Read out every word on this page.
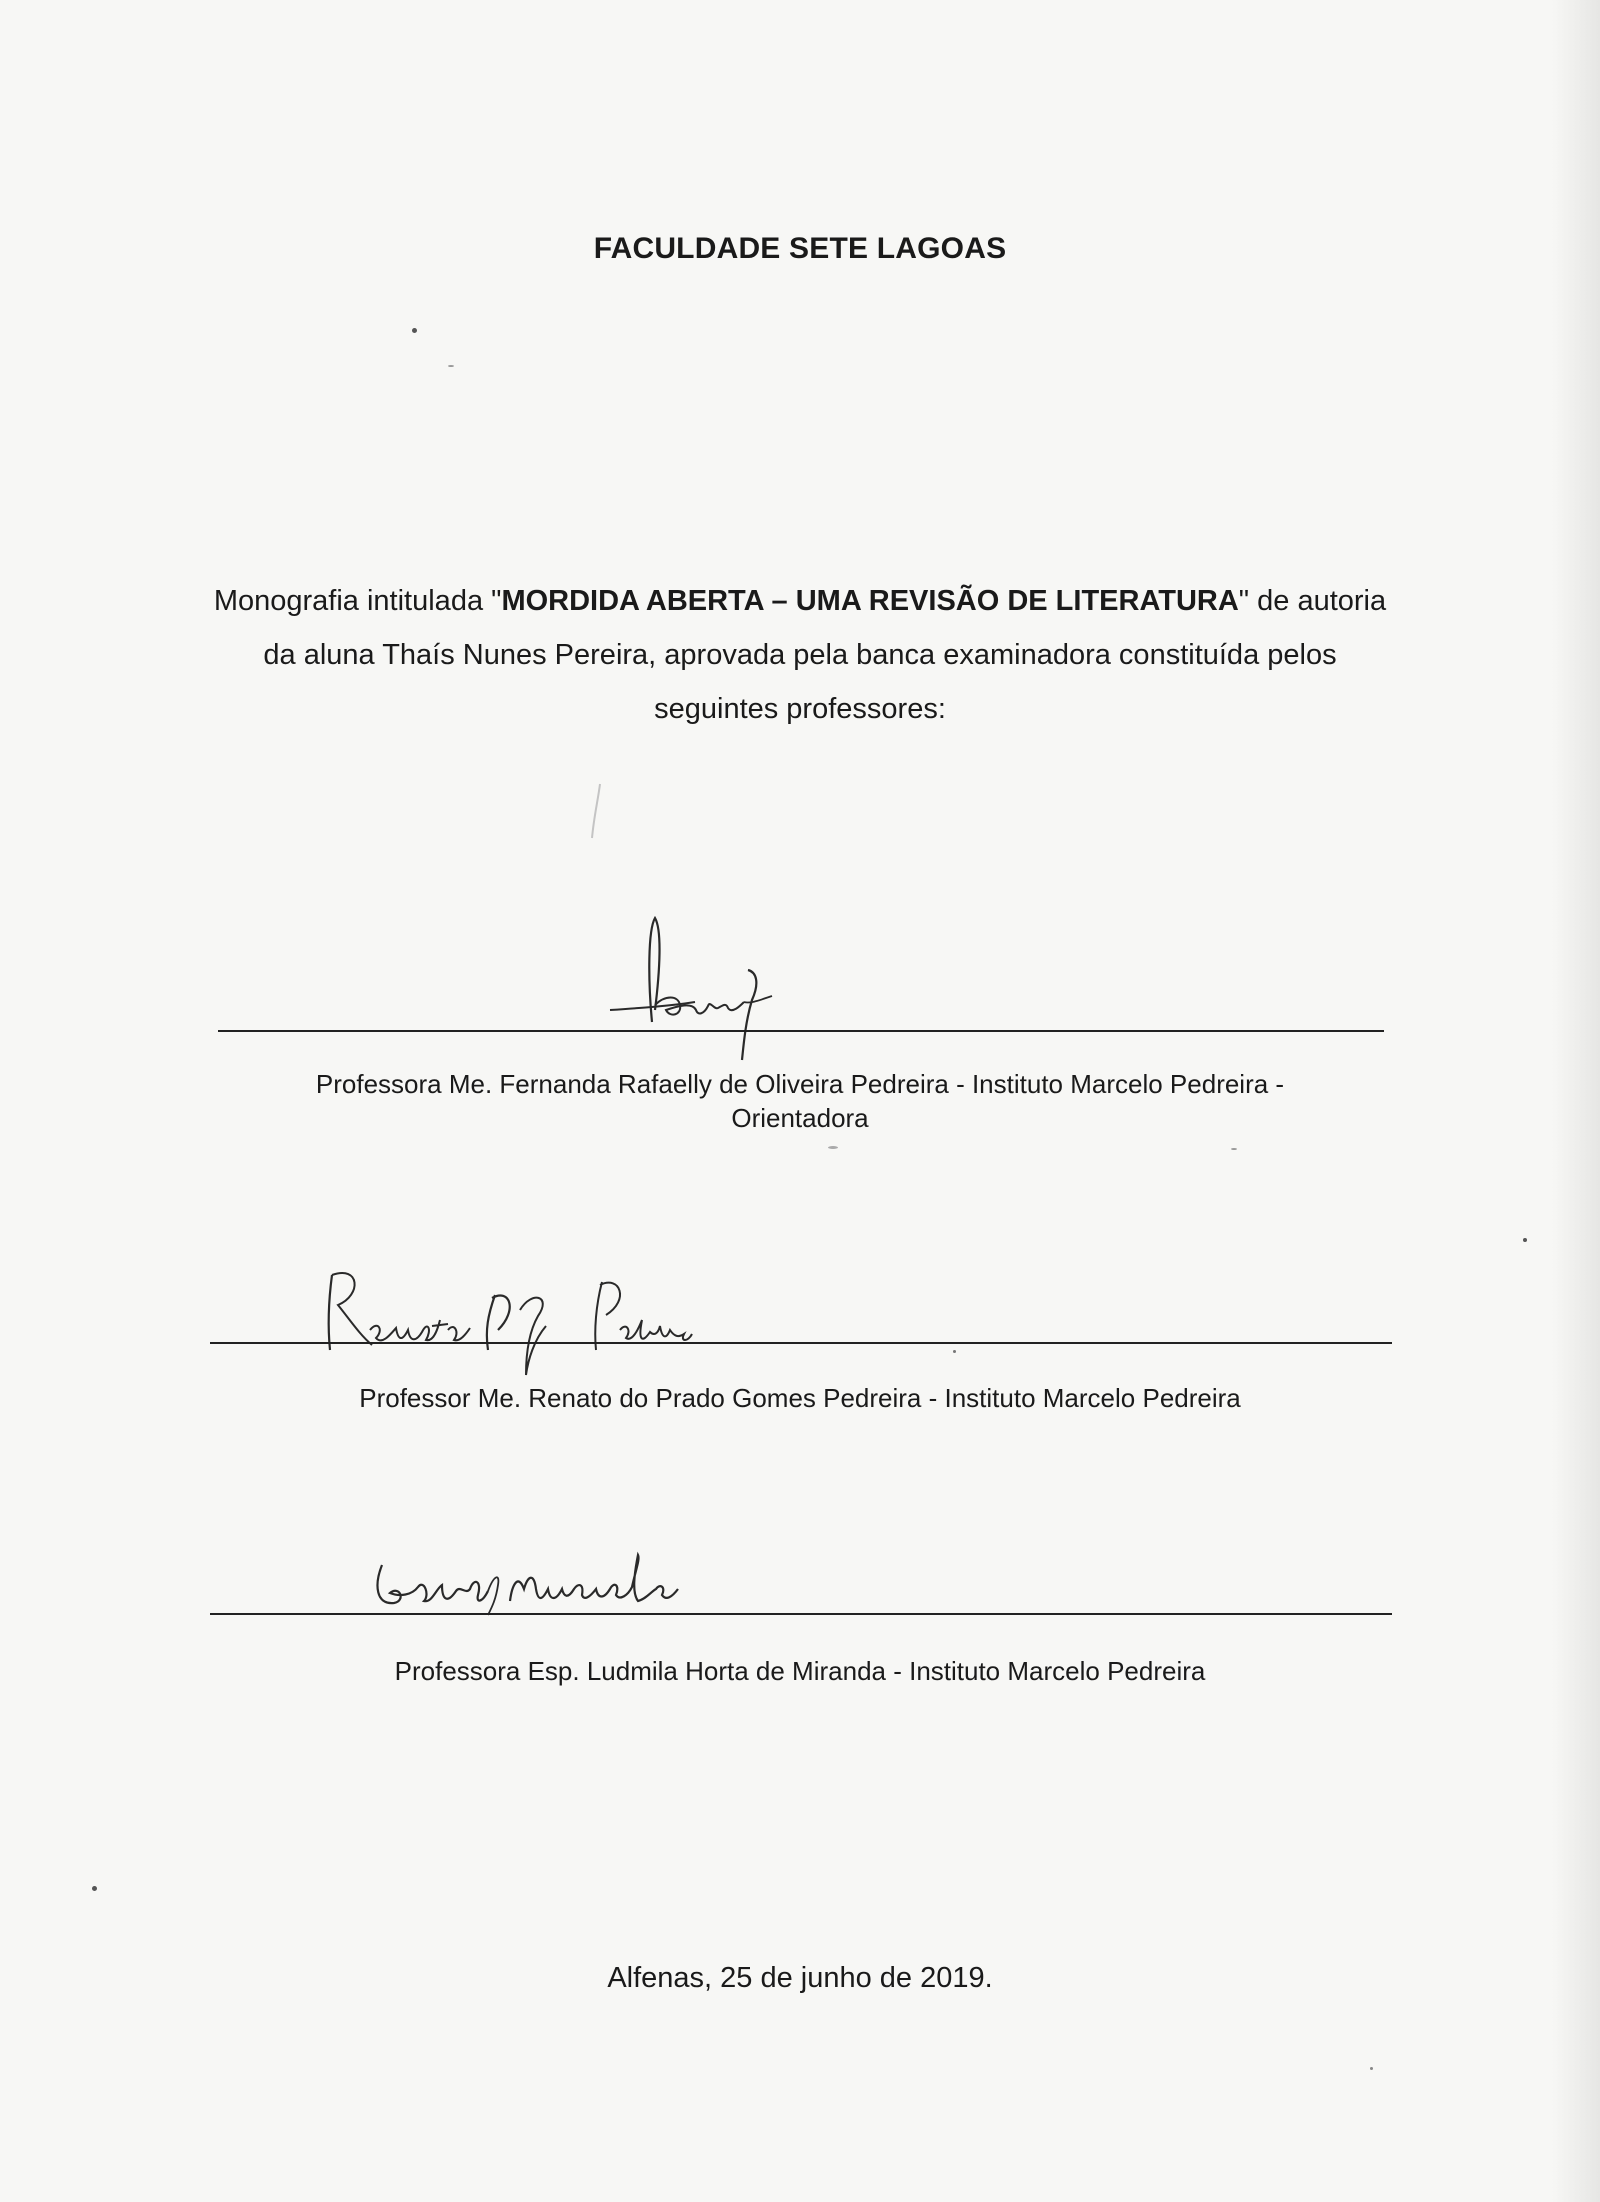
FACULDADE SETE LAGOAS
Monografia intitulada "MORDIDA ABERTA – UMA REVISÃO DE LITERATURA" de autoria da aluna Thaís Nunes Pereira, aprovada pela banca examinadora constituída pelos seguintes professores:
Professora Me. Fernanda Rafaelly de Oliveira Pedreira - Instituto Marcelo Pedreira -
Orientadora
Professor Me. Renato do Prado Gomes Pedreira - Instituto Marcelo Pedreira
Professora Esp. Ludmila Horta de Miranda - Instituto Marcelo Pedreira
Alfenas, 25 de junho de 2019.
